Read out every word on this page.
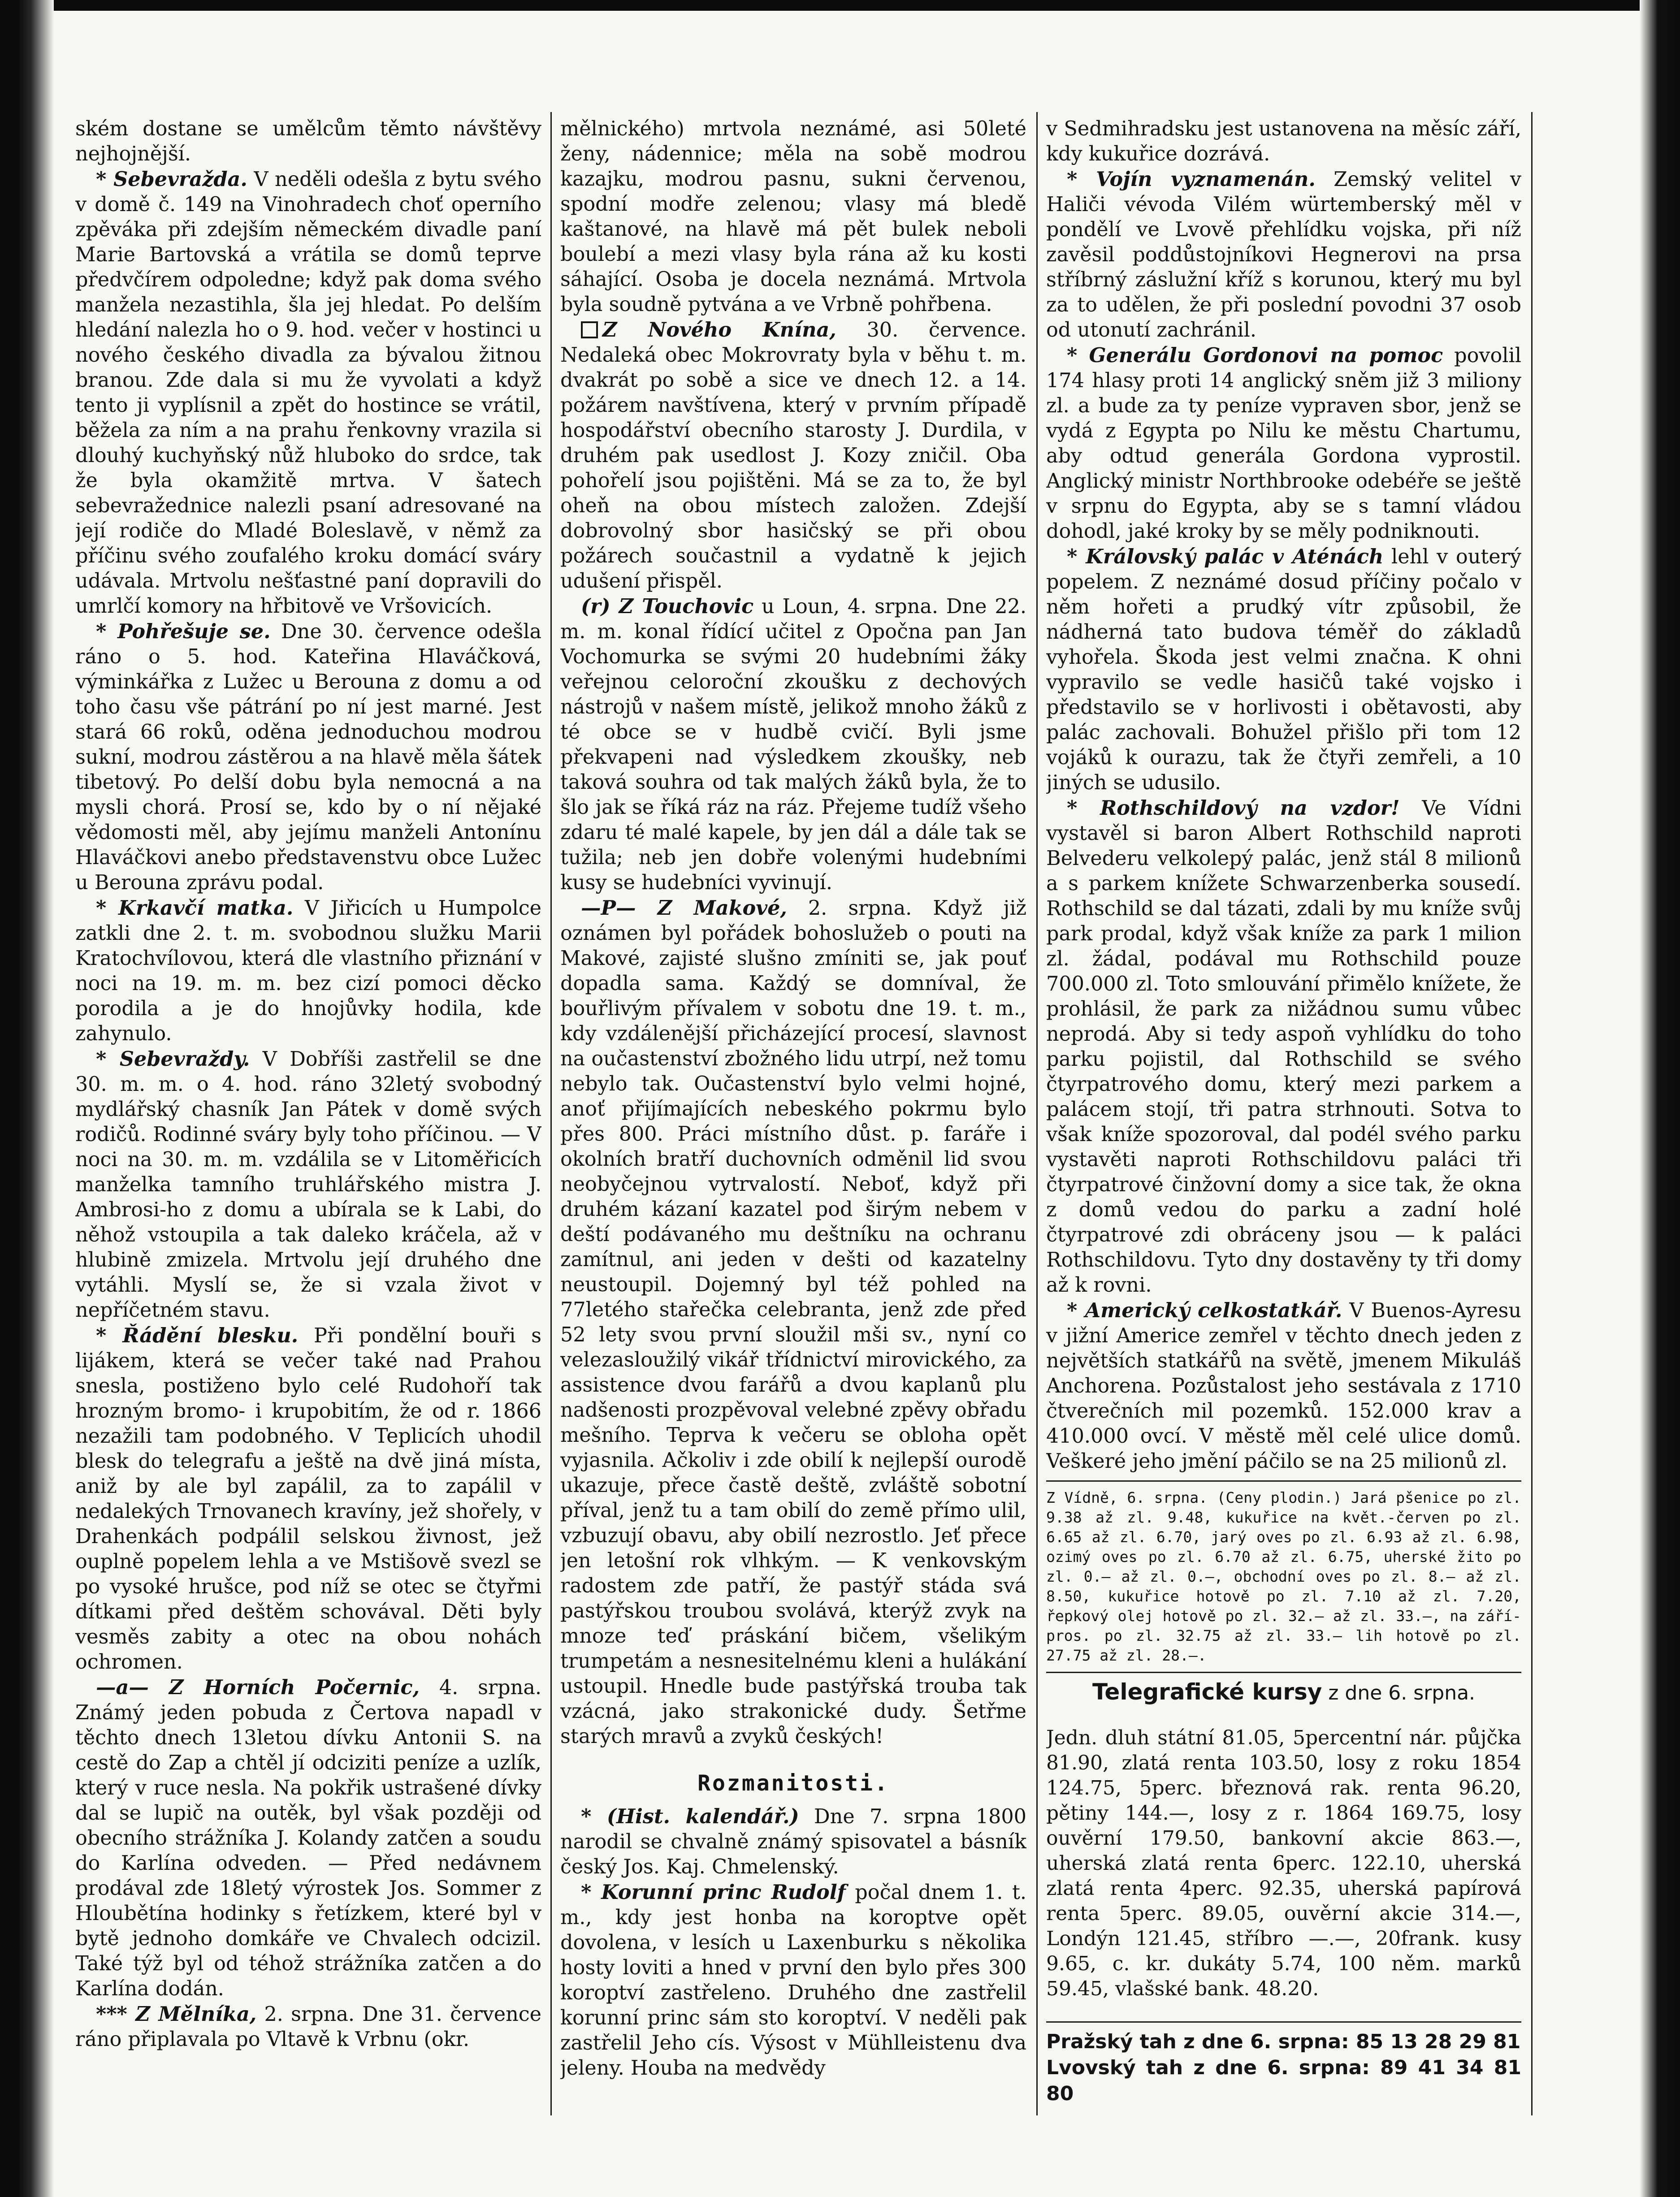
ském dostane se umělcům těmto návštěvy nejhojnější.

* Sebevražda. V neděli odešla z bytu svého v domě č. 149 na Vinohradech choť operního zpěváka při zdejším německém divadle paní Marie Bartovská a vrátila se domů teprve předvčírem odpoledne; když pak doma svého manžela nezastihla, šla jej hledat. Po delším hledání nalezla ho o 9. hod. večer v hostinci u nového českého divadla za bývalou žitnou branou. Zde dala si mu že vyvolati a když tento ji vyplísnil a zpět do hostince se vrátil, běžela za ním a na prahu řenkovny vrazila si dlouhý kuchyňský nůž hluboko do srdce, tak že byla okamžitě mrtva. V šatech sebevražednice nalezli psaní adresované na její rodiče do Mladé Boleslavě, v němž za příčinu svého zoufalého kroku domácí sváry udávala. Mrtvolu nešťastné paní dopravili do umrlčí komory na hřbitově ve Vršovicích.

* Pohřešuje se. Dne 30. července odešla ráno o 5. hod. Kateřina Hlaváčková, výminkářka z Lužec u Berouna z domu a od toho času vše pátrání po ní jest marné. Jest stará 66 roků, oděna jednoduchou modrou sukní, modrou zástěrou a na hlavě měla šátek tibetový. Po delší dobu byla nemocná a na mysli chorá. Prosí se, kdo by o ní nějaké vědomosti měl, aby jejímu manželi Antonínu Hlaváčkovi anebo představenstvu obce Lužec u Berouna zprávu podal.

* Krkavčí matka. V Jiřicích u Humpolce zatkli dne 2. t. m. svobodnou služku Marii Kratochvílovou, která dle vlastního přiznání v noci na 19. m. m. bez cizí pomoci děcko porodila a je do hnojůvky hodila, kde zahynulo.

* Sebevraždy. V Dobříši zastřelil se dne 30. m. m. o 4. hod. ráno 32letý svobodný mydlářský chasník Jan Pátek v domě svých rodičů. Rodinné sváry byly toho příčinou. — V noci na 30. m. m. vzdálila se v Litoměřicích manželka tamního truhlářského mistra J. Ambrosi-ho z domu a ubírala se k Labi, do něhož vstoupila a tak daleko kráčela, až v hlubině zmizela. Mrtvolu její druhého dne vytáhli. Myslí se, že si vzala život v nepříčetném stavu.

* Řádění blesku. Při pondělní bouři s lijákem, která se večer také nad Prahou snesla, postiženo bylo celé Rudohoří tak hrozným bromo- i krupobitím, že od r. 1866 nezažili tam podobného. V Teplicích uhodil blesk do telegrafu a ještě na dvě jiná místa, aniž by ale byl zapálil, za to zapálil v nedalekých Trnovanech kravíny, jež shořely, v Drahenkách podpálil selskou živnost, jež ouplně popelem lehla a ve Mstišově svezl se po vysoké hrušce, pod níž se otec se čtyřmi dítkami před deštěm schovával. Děti byly vesměs zabity a otec na obou nohách ochromen.

—a— Z Horních Počernic, 4. srpna. Známý jeden pobuda z Čertova napadl v těchto dnech 13letou dívku Antonii S. na cestě do Zap a chtěl jí odciziti peníze a uzlík, který v ruce nesla. Na pokřik ustrašené dívky dal se lupič na outěk, byl však později od obecního strážníka J. Kolandy zatčen a soudu do Karlína odveden. — Před nedávnem prodával zde 18letý výrostek Jos. Sommer z Hloubětína hodinky s řetízkem, které byl v bytě jednoho domkáře ve Chvalech odcizil. Také týž byl od téhož strážníka zatčen a do Karlína dodán.

*** Z Mělníka, 2. srpna. Dne 31. července ráno připlavala po Vltavě k Vrbnu (okr.

mělnického) mrtvola neznámé, asi 50leté ženy, nádennice; měla na sobě modrou kazajku, modrou pasnu, sukni červenou, spodní modře zelenou; vlasy má bledě kaštanové, na hlavě má pět bulek neboli boulebí a mezi vlasy byla rána až ku kosti sáhající. Osoba je docela neznámá. Mrtvola byla soudně pytvána a ve Vrbně pohřbena.

Z Nového Knína, 30. července. Nedaleká obec Mokrovraty byla v běhu t. m. dvakrát po sobě a sice ve dnech 12. a 14. požárem navštívena, který v prvním případě hospodářství obecního starosty J. Durdila, v druhém pak usedlost J. Kozy zničil. Oba pohořelí jsou pojištěni. Má se za to, že byl oheň na obou místech založen. Zdejší dobrovolný sbor hasičský se při obou požárech součastnil a vydatně k jejich udušení přispěl.

(r) Z Touchovic u Loun, 4. srpna. Dne 22. m. m. konal řídící učitel z Opočna pan Jan Vochomurka se svými 20 hudebními žáky veřejnou celoroční zkoušku z dechových nástrojů v našem místě, jelikož mnoho žáků z té obce se v hudbě cvičí. Byli jsme překvapeni nad výsledkem zkoušky, neb taková souhra od tak malých žáků byla, že to šlo jak se říká ráz na ráz. Přejeme tudíž všeho zdaru té malé kapele, by jen dál a dále tak se tužila; neb jen dobře volenými hudebními kusy se hudebníci vyvinují.

—P— Z Makové, 2. srpna. Když již oznámen byl pořádek bohoslužeb o pouti na Makové, zajisté slušno zmíniti se, jak pouť dopadla sama. Každý se domníval, že bouřlivým přívalem v sobotu dne 19. t. m., kdy vzdálenější přicházející procesí, slavnost na oučastenství zbožného lidu utrpí, než tomu nebylo tak. Oučastenství bylo velmi hojné, anoť přijímajících nebeského pokrmu bylo přes 800. Práci místního důst. p. faráře i okolních bratří duchovních odměnil lid svou neobyčejnou vytrvalostí. Neboť, když při druhém kázaní kazatel pod širým nebem v deští podávaného mu deštníku na ochranu zamítnul, ani jeden v dešti od kazatelny neustoupil. Dojemný byl též pohled na 77letého stařečka celebranta, jenž zde před 52 lety svou první sloužil mši sv., nyní co velezasloužilý vikář třídnictví mirovického, za assistence dvou farářů a dvou kaplanů plu nadšenosti prozpěvoval velebné zpěvy obřadu mešního. Teprva k večeru se obloha opět vyjasnila. Ačkoliv i zde obilí k nejlepší ourodě ukazuje, přece častě deště, zvláště sobotní příval, jenž tu a tam obilí do země přímo ulil, vzbuzují obavu, aby obilí nezrostlo. Jeť přece jen letošní rok vlhkým. — K venkovským radostem zde patří, že pastýř stáda svá pastýřskou troubou svolává, kterýž zvyk na mnoze teď práskání bičem, všelikým trumpetám a nesnesitelnému kleni a hulákání ustoupil. Hnedle bude pastýřská trouba tak vzácná, jako strakonické dudy. Šetřme starých mravů a zvyků českých!

Rozmanitosti.

* (Hist. kalendář.) Dne 7. srpna 1800 narodil se chvalně známý spisovatel a básník český Jos. Kaj. Chmelenský.

* Korunní princ Rudolf počal dnem 1. t. m., kdy jest honba na koroptve opět dovolena, v lesích u Laxenburku s několika hosty loviti a hned v první den bylo přes 300 koroptví zastřeleno. Druhého dne zastřelil korunní princ sám sto koroptví. V neděli pak zastřelil Jeho cís. Výsost v Mühlleistenu dva jeleny. Houba na medvědy

v Sedmihradsku jest ustanovena na měsíc září, kdy kukuřice dozrává.

* Vojín vyznamenán. Zemský velitel v Haliči vévoda Vilém würtemberský měl v pondělí ve Lvově přehlídku vojska, při níž zavěsil poddůstojníkovi Hegnerovi na prsa stříbrný záslužní kříž s korunou, který mu byl za to udělen, že při poslední povodni 37 osob od utonutí zachránil.

* Generálu Gordonovi na pomoc povolil 174 hlasy proti 14 anglický sněm již 3 miliony zl. a bude za ty peníze vypraven sbor, jenž se vydá z Egypta po Nilu ke městu Chartumu, aby odtud generála Gordona vyprostil. Anglický ministr Northbrooke odebéře se ještě v srpnu do Egypta, aby se s tamní vládou dohodl, jaké kroky by se měly podniknouti.

* Královský palác v Aténách lehl v outerý popelem. Z neznámé dosud příčiny počalo v něm hořeti a prudký vítr způsobil, že nádherná tato budova téměř do základů vyhořela. Škoda jest velmi značna. K ohni vypravilo se vedle hasičů také vojsko i představilo se v horlivosti i obětavosti, aby palác zachovali. Bohužel přišlo při tom 12 vojáků k ourazu, tak že čtyři zemřeli, a 10 jiných se udusilo.

* Rothschildový na vzdor! Ve Vídni vystavěl si baron Albert Rothschild naproti Belvederu velkolepý palác, jenž stál 8 milionů a s parkem knížete Schwarzenberka sousedí. Rothschild se dal tázati, zdali by mu kníže svůj park prodal, když však kníže za park 1 milion zl. žádal, podával mu Rothschild pouze 700.000 zl. Toto smlouvání přimělo knížete, že prohlásil, že park za nižádnou sumu vůbec neprodá. Aby si tedy aspoň vyhlídku do toho parku pojistil, dal Rothschild se svého čtyrpatrového domu, který mezi parkem a palácem stojí, tři patra strhnouti. Sotva to však kníže spozoroval, dal podél svého parku vystavěti naproti Rothschildovu paláci tři čtyrpatrové činžovní domy a sice tak, že okna z domů vedou do parku a zadní holé čtyrpatrové zdi obráceny jsou — k paláci Rothschildovu. Tyto dny dostavěny ty tři domy až k rovni.

* Americký celkostatkář. V Buenos-Ayresu v jižní Americe zemřel v těchto dnech jeden z největších statkářů na světě, jmenem Mikuláš Anchorena. Pozůstalost jeho sestávala z 1710 čtverečních mil pozemků. 152.000 krav a 410.000 ovcí. V městě měl celé ulice domů. Veškeré jeho jmění páčilo se na 25 milionů zl.

Z Vídně, 6. srpna. (Ceny plodin.) Jará pšenice po zl. 9.38 až zl. 9.48, kukuřice na květ.-červen po zl. 6.65 až zl. 6.70, jarý oves po zl. 6.93 až zl. 6.98, ozimý oves po zl. 6.70 až zl. 6.75, uherské žito po zl. 0.— až zl. 0.—, obchodní oves po zl. 8.— až zl. 8.50, kukuřice hotově po zl. 7.10 až zl. 7.20, řepkový olej hotově po zl. 32.— až zl. 33.—, na září-pros. po zl. 32.75 až zl. 33.— lih hotově po zl. 27.75 až zl. 28.—.

Telegrafické kursy z dne 6. srpna.

Jedn. dluh státní 81.05, 5percentní nár. půjčka 81.90, zlatá renta 103.50, losy z roku 1854 124.75, 5perc. březnová rak. renta 96.20, pětiny 144.—, losy z r. 1864 169.75, losy ouvěrní 179.50, bankovní akcie 863.—, uherská zlatá renta 6perc. 122.10, uherská zlatá renta 4perc. 92.35, uherská papírová renta 5perc. 89.05, ouvěrní akcie 314.—, Londýn 121.45, stříbro —.—, 20frank. kusy 9.65, c. kr. dukáty 5.74, 100 něm. marků 59.45, vlašské bank. 48.20.

Pražský tah z dne 6. srpna: 85 13 28 29 81

Lvovský tah z dne 6. srpna: 89 41 34 81 80
